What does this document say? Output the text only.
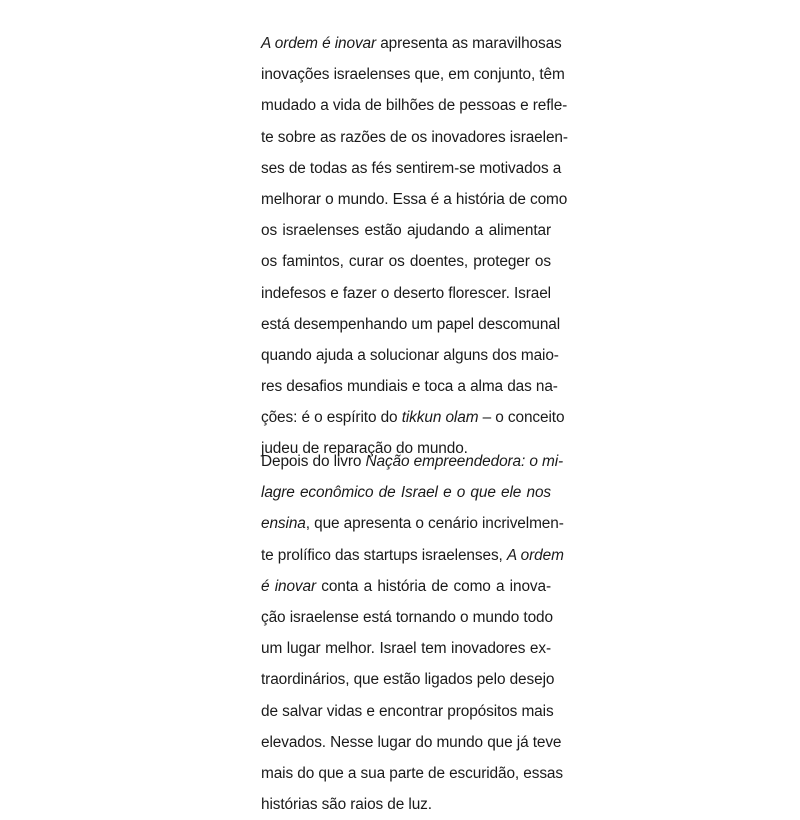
A ordem é inovar apresenta as maravilhosas
inovações israelenses que, em conjunto, têm
mudado a vida de bilhões de pessoas e refle-
te sobre as razões de os inovadores israelen-
ses de todas as fés sentirem-se motivados a
melhorar o mundo. Essa é a história de como
os israelenses estão ajudando a alimentar
os famintos, curar os doentes, proteger os
indefesos e fazer o deserto florescer. Israel
está desempenhando um papel descomunal
quando ajuda a solucionar alguns dos maio-
res desafios mundiais e toca a alma das na-
ções: é o espírito do tikkun olam – o conceito
judeu de reparação do mundo.
Depois do livro Nação empreendedora: o mi-
lagre econômico de Israel e o que ele nos
ensina, que apresenta o cenário incrivelmen-
te prolífico das startups israelenses, A ordem
é inovar conta a história de como a inova-
ção israelense está tornando o mundo todo
um lugar melhor. Israel tem inovadores ex-
traordinários, que estão ligados pelo desejo
de salvar vidas e encontrar propósitos mais
elevados. Nesse lugar do mundo que já teve
mais do que a sua parte de escuridão, essas
histórias são raios de luz.
